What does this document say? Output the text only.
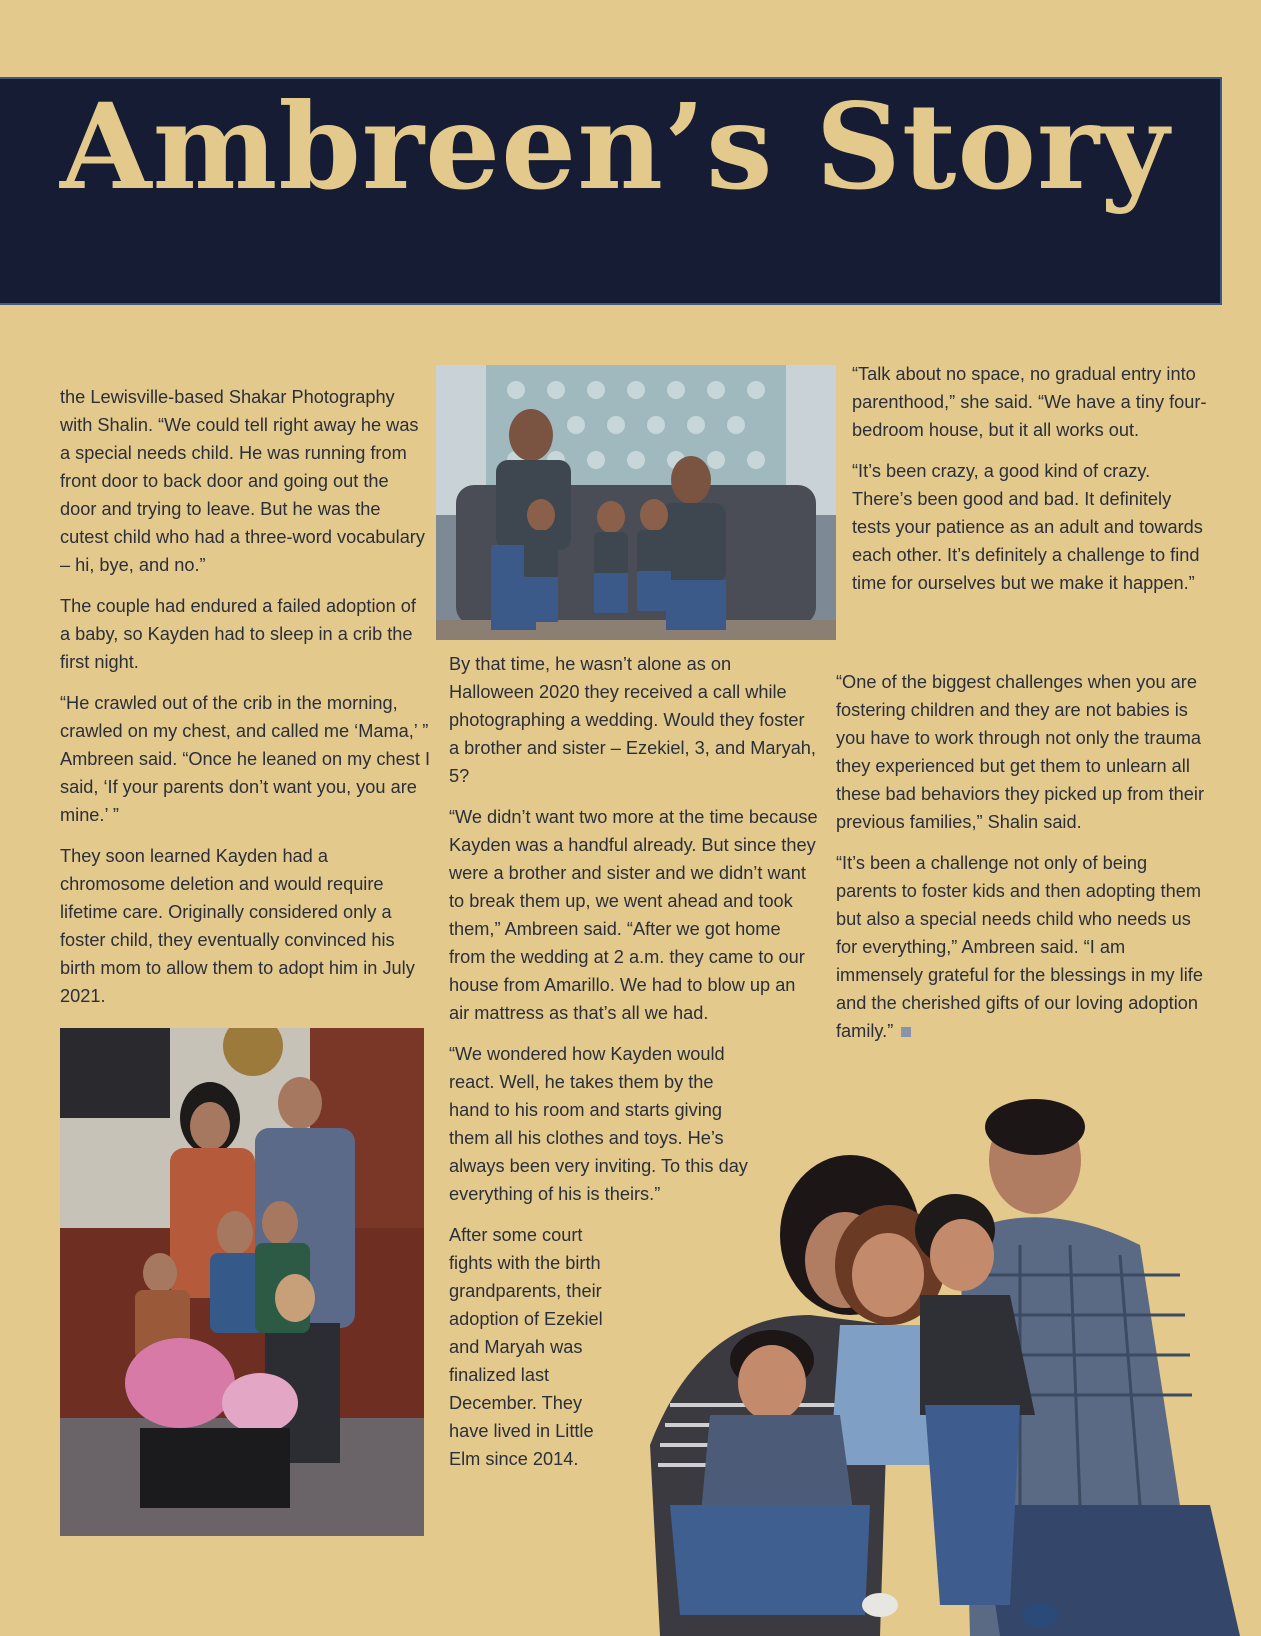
Ambreen’s Story

the Lewisville-based Shakar Photography with Shalin. “We could tell right away he was a special needs child. He was running from front door to back door and going out the door and trying to leave. But he was the cutest child who had a three-word vocabulary – hi, bye, and no.”

The couple had endured a failed adoption of a baby, so Kayden had to sleep in a crib the first night.

“He crawled out of the crib in the morning, crawled on my chest, and called me ‘Mama,’ ” Ambreen said. “Once he leaned on my chest I said, ‘If your parents don’t want you, you are mine.’ ”

They soon learned Kayden had a chromosome deletion and would require lifetime care. Originally considered only a foster child, they eventually convinced his birth mom to allow them to adopt him in July 2021.

By that time, he wasn’t alone as on Halloween 2020 they received a call while photographing a wedding. Would they foster a brother and sister – Ezekiel, 3, and Maryah, 5?

“We didn’t want two more at the time because Kayden was a handful already. But since they were a brother and sister and we didn’t want to break them up, we went ahead and took them,” Ambreen said. “After we got home from the wedding at 2 a.m. they came to our house from Amarillo. We had to blow up an air mattress as that’s all we had.

“We wondered how Kayden would react. Well, he takes them by the hand to his room and starts giving them all his clothes and toys. He’s always been very inviting. To this day everything of his is theirs.”

After some court fights with the birth grandparents, their adoption of Ezekiel and Maryah was finalized last December. They have lived in Little Elm since 2014.

“Talk about no space, no gradual entry into parenthood,” she said. “We have a tiny four-bedroom house, but it all works out.

“It’s been crazy, a good kind of crazy. There’s been good and bad. It definitely tests your patience as an adult and towards each other. It’s definitely a challenge to find time for ourselves but we make it happen.”

“One of the biggest challenges when you are fostering children and they are not babies is you have to work through not only the trauma they experienced but get them to unlearn all these bad behaviors they picked up from their previous families,” Shalin said.

“It’s been a challenge not only of being parents to foster kids and then adopting them but also a special needs child who needs us for everything,” Ambreen said. “I am immensely grateful for the blessings in my life and the cherished gifts of our loving adoption family.”
